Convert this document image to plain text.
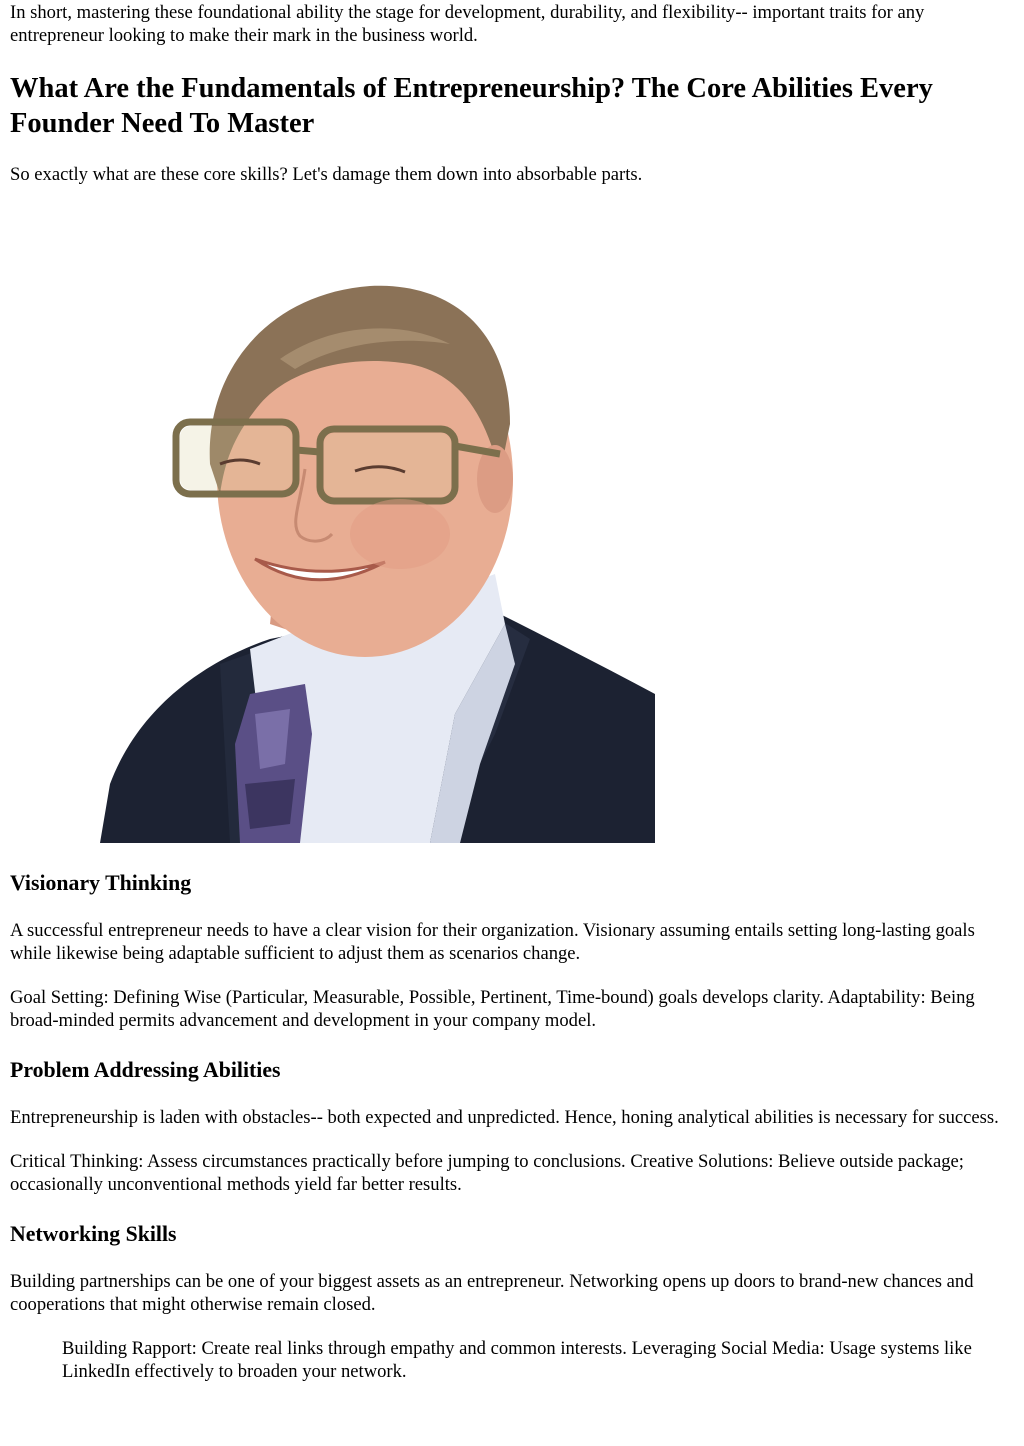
In short, mastering these foundational ability the stage for development, durability, and flexibility-- important traits for any entrepreneur looking to make their mark in the business world.

What Are the Fundamentals of Entrepreneurship? The Core Abilities Every Founder Need To Master

So exactly what are these core skills? Let's damage them down into absorbable parts.

Visionary Thinking

A successful entrepreneur needs to have a clear vision for their organization. Visionary assuming entails setting long-lasting goals while likewise being adaptable sufficient to adjust them as scenarios change.

Goal Setting: Defining Wise (Particular, Measurable, Possible, Pertinent, Time-bound) goals develops clarity. Adaptability: Being broad-minded permits advancement and development in your company model.

Problem Addressing Abilities

Entrepreneurship is laden with obstacles-- both expected and unpredicted. Hence, honing analytical abilities is necessary for success.

Critical Thinking: Assess circumstances practically before jumping to conclusions. Creative Solutions: Believe outside package; occasionally unconventional methods yield far better results.

Networking Skills

Building partnerships can be one of your biggest assets as an entrepreneur. Networking opens up doors to brand-new chances and cooperations that might otherwise remain closed.

Building Rapport: Create real links through empathy and common interests. Leveraging Social Media: Usage systems like LinkedIn effectively to broaden your network.
